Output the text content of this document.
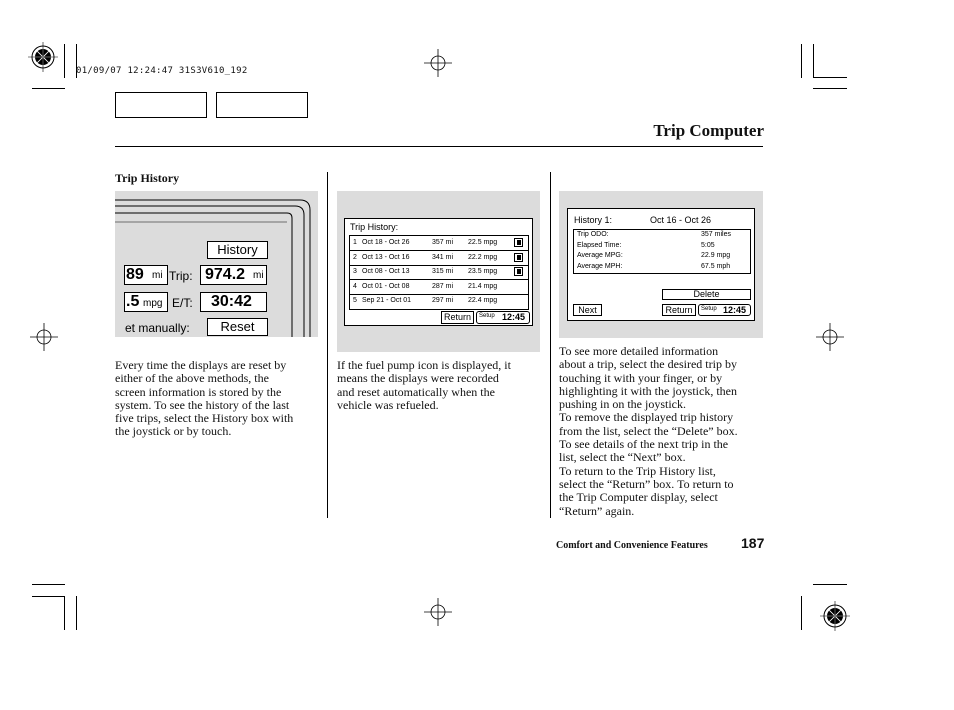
01/09/07 12:24:47 31S3V610_192
Trip Computer
Trip History
History
89 mi Trip: 974.2 mi
.5 mpg E/T: 30:42
et manually:	Reset
Trip History:
1 Oct 18 - Oct 26	357 mi 22.5 mpg
2 Oct 13 - Oct 16	341 mi 22.2 mpg
3 Oct 08 - Oct 13	315 mi 23.5 mpg
4 Oct 01 - Oct 08	287 mi 21.4 mpg
5 Sep 21 - Oct 01	297 mi 22.4 mpg
Return	Setup 12:45
History 1:	Oct 16 - Oct 26
Trip ODO:	357 miles
Elapsed Time:	5:05
Average MPG:	22.9 mpg
Average MPH:	67.5 mph
Delete
Next	Return	Setup 12:45
Every time the displays are reset by
either of the above methods, the
screen information is stored by the
system. To see the history of the last
five trips, select the History box with
the joystick or by touch.
If the fuel pump icon is displayed, it
means the displays were recorded
and reset automatically when the
vehicle was refueled.
To see more detailed information
about a trip, select the desired trip by
touching it with your finger, or by
highlighting it with the joystick, then
pushing in on the joystick.
To remove the displayed trip history
from the list, select the “Delete” box.
To see details of the next trip in the
list, select the “Next” box.
To return to the Trip History list,
select the “Return” box. To return to
the Trip Computer display, select
“Return” again.
Comfort and Convenience Features 187
